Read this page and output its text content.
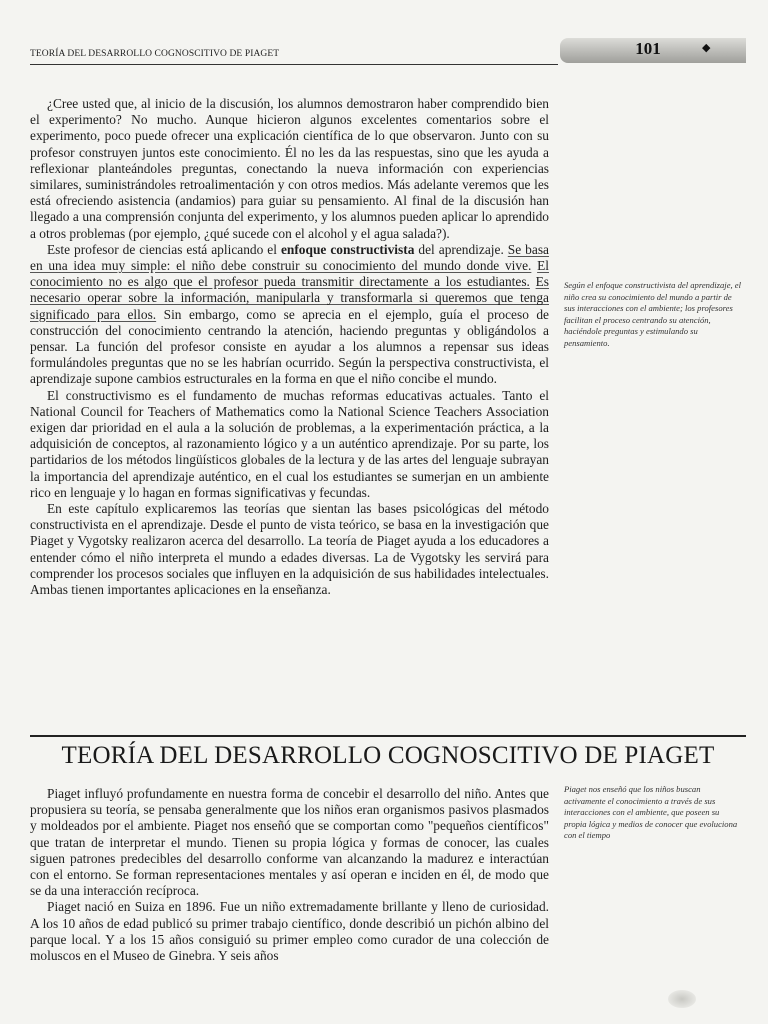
TEORÍA DEL DESARROLLO COGNOSCITIVO DE PIAGET	101	◆

¿Cree usted que, al inicio de la discusión, los alumnos demostraron haber comprendido bien el experimento? No mucho. Aunque hicieron algunos excelentes comentarios sobre el experimento, poco puede ofrecer una explicación científica de lo que observaron. Junto con su profesor construyen juntos este conocimiento. Él no les da las respuestas, sino que les ayuda a reflexionar planteándoles preguntas, conectando la nueva información con experiencias similares, suministrándoles retroalimentación y con otros medios. Más adelante veremos que les está ofreciendo asistencia (andamios) para guiar su pensamiento. Al final de la discusión han llegado a una comprensión conjunta del experimento, y los alumnos pueden aplicar lo aprendido a otros problemas (por ejemplo, ¿qué sucede con el alcohol y el agua salada?).

Este profesor de ciencias está aplicando el enfoque constructivista del aprendizaje. Se basa en una idea muy simple: el niño debe construir su conocimiento del mundo donde vive. El conocimiento no es algo que el profesor pueda transmitir directamente a los estudiantes. Es necesario operar sobre la información, manipularla y transformarla si queremos que tenga significado para ellos. Sin embargo, como se aprecia en el ejemplo, guía el proceso de construcción del conocimiento centrando la atención, haciendo preguntas y obligándolos a pensar. La función del profesor consiste en ayudar a los alumnos a repensar sus ideas formulándoles preguntas que no se les habrían ocurrido. Según la perspectiva constructivista, el aprendizaje supone cambios estructurales en la forma en que el niño concibe el mundo.

El constructivismo es el fundamento de muchas reformas educativas actuales. Tanto el National Council for Teachers of Mathematics como la National Science Teachers Association exigen dar prioridad en el aula a la solución de problemas, a la experimentación práctica, a la adquisición de conceptos, al razonamiento lógico y a un auténtico aprendizaje. Por su parte, los partidarios de los métodos lingüísticos globales de la lectura y de las artes del lenguaje subrayan la importancia del aprendizaje auténtico, en el cual los estudiantes se sumerjan en un ambiente rico en lenguaje y lo hagan en formas significativas y fecundas.

En este capítulo explicaremos las teorías que sientan las bases psicológicas del método constructivista en el aprendizaje. Desde el punto de vista teórico, se basa en la investigación que Piaget y Vygotsky realizaron acerca del desarrollo. La teoría de Piaget ayuda a los educadores a entender cómo el niño interpreta el mundo a edades diversas. La de Vygotsky les servirá para comprender los procesos sociales que influyen en la adquisición de sus habilidades intelectuales. Ambas tienen importantes aplicaciones en la enseñanza.

Según el enfoque constructivista del aprendizaje, el niño crea su conocimiento del mundo a partir de sus interacciones con el ambiente; los profesores facilitan el proceso centrando su atención, haciéndole preguntas y estimulando su pensamiento.
TEORÍA DEL DESARROLLO COGNOSCITIVO DE PIAGET

Piaget influyó profundamente en nuestra forma de concebir el desarrollo del niño. Antes que propusiera su teoría, se pensaba generalmente que los niños eran organismos pasivos plasmados y moldeados por el ambiente. Piaget nos enseñó que se comportan como "pequeños científicos" que tratan de interpretar el mundo. Tienen su propia lógica y formas de conocer, las cuales siguen patrones predecibles del desarrollo conforme van alcanzando la madurez e interactúan con el entorno. Se forman representaciones mentales y así operan e inciden en él, de modo que se da una interacción recíproca.

Piaget nació en Suiza en 1896. Fue un niño extremadamente brillante y lleno de curiosidad. A los 10 años de edad publicó su primer trabajo científico, donde describió un pichón albino del parque local. Y a los 15 años consiguió su primer empleo como curador de una colección de moluscos en el Museo de Ginebra. Y seis años

Piaget nos enseñó que los niños buscan activamente el conocimiento a través de sus interacciones con el ambiente, que poseen su propia lógica y medios de conocer que evoluciona con el tiempo
